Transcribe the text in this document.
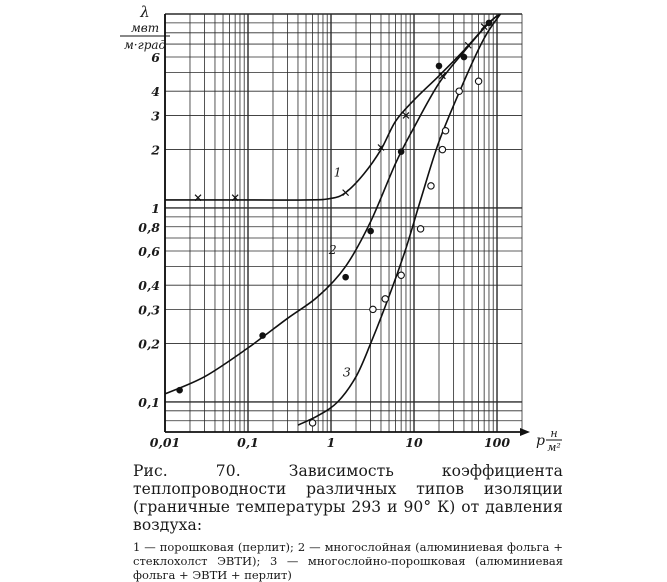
0,01	0,1	1	10	100
0,1
0,2
0,3
0,4
0,6
0,8
1
2
3
4
6
p н
м²
λ
мвт
м·град
1
2
3

Рис. 70. Зависимость коэффициента теплопроводности различных типов изоляции (граничные температуры 293 и 90° К) от давления воздуха:

1 — порошковая (перлит); 2 — многослойная (алюминиевая фольга + стеклохолст ЭВТИ); 3 — многослойно-порошковая (алюминиевая фольга + ЭВТИ + перлит)
